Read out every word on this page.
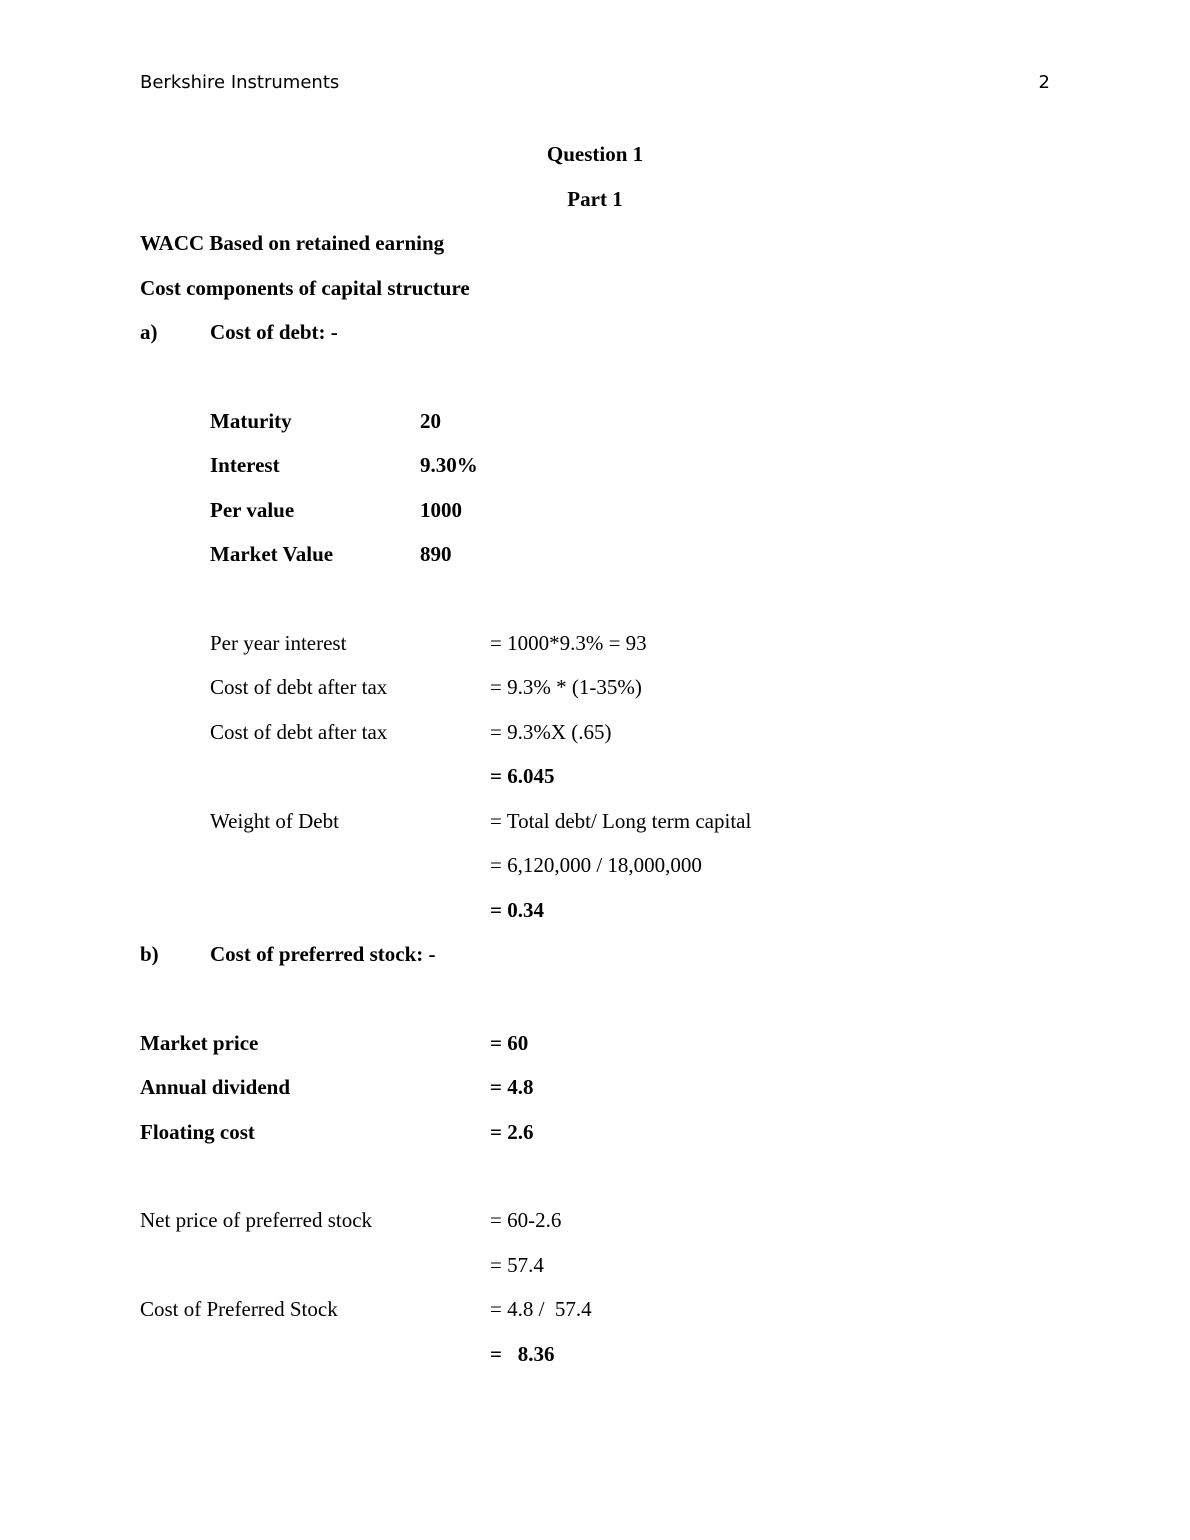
Berkshire Instruments	2
Question 1
Part 1
WACC Based on retained earning
Cost components of capital structure
a)	Cost of debt: -
Maturity	20
Interest	9.30%
Per value	1000
Market Value	890
Per year interest	= 1000*9.3% = 93
Cost of debt after tax	= 9.3% * (1-35%)
Cost of debt after tax	= 9.3%X (.65)
= 6.045
Weight of Debt	= Total debt/ Long term capital
= 6,120,000 / 18,000,000
= 0.34
b) Cost of preferred stock: -
Market price	= 60
Annual dividend	= 4.8
Floating cost	= 2.6
Net price of preferred stock	= 60-2.6
= 57.4
Cost of Preferred Stock	= 4.8 /  57.4
=   8.36
